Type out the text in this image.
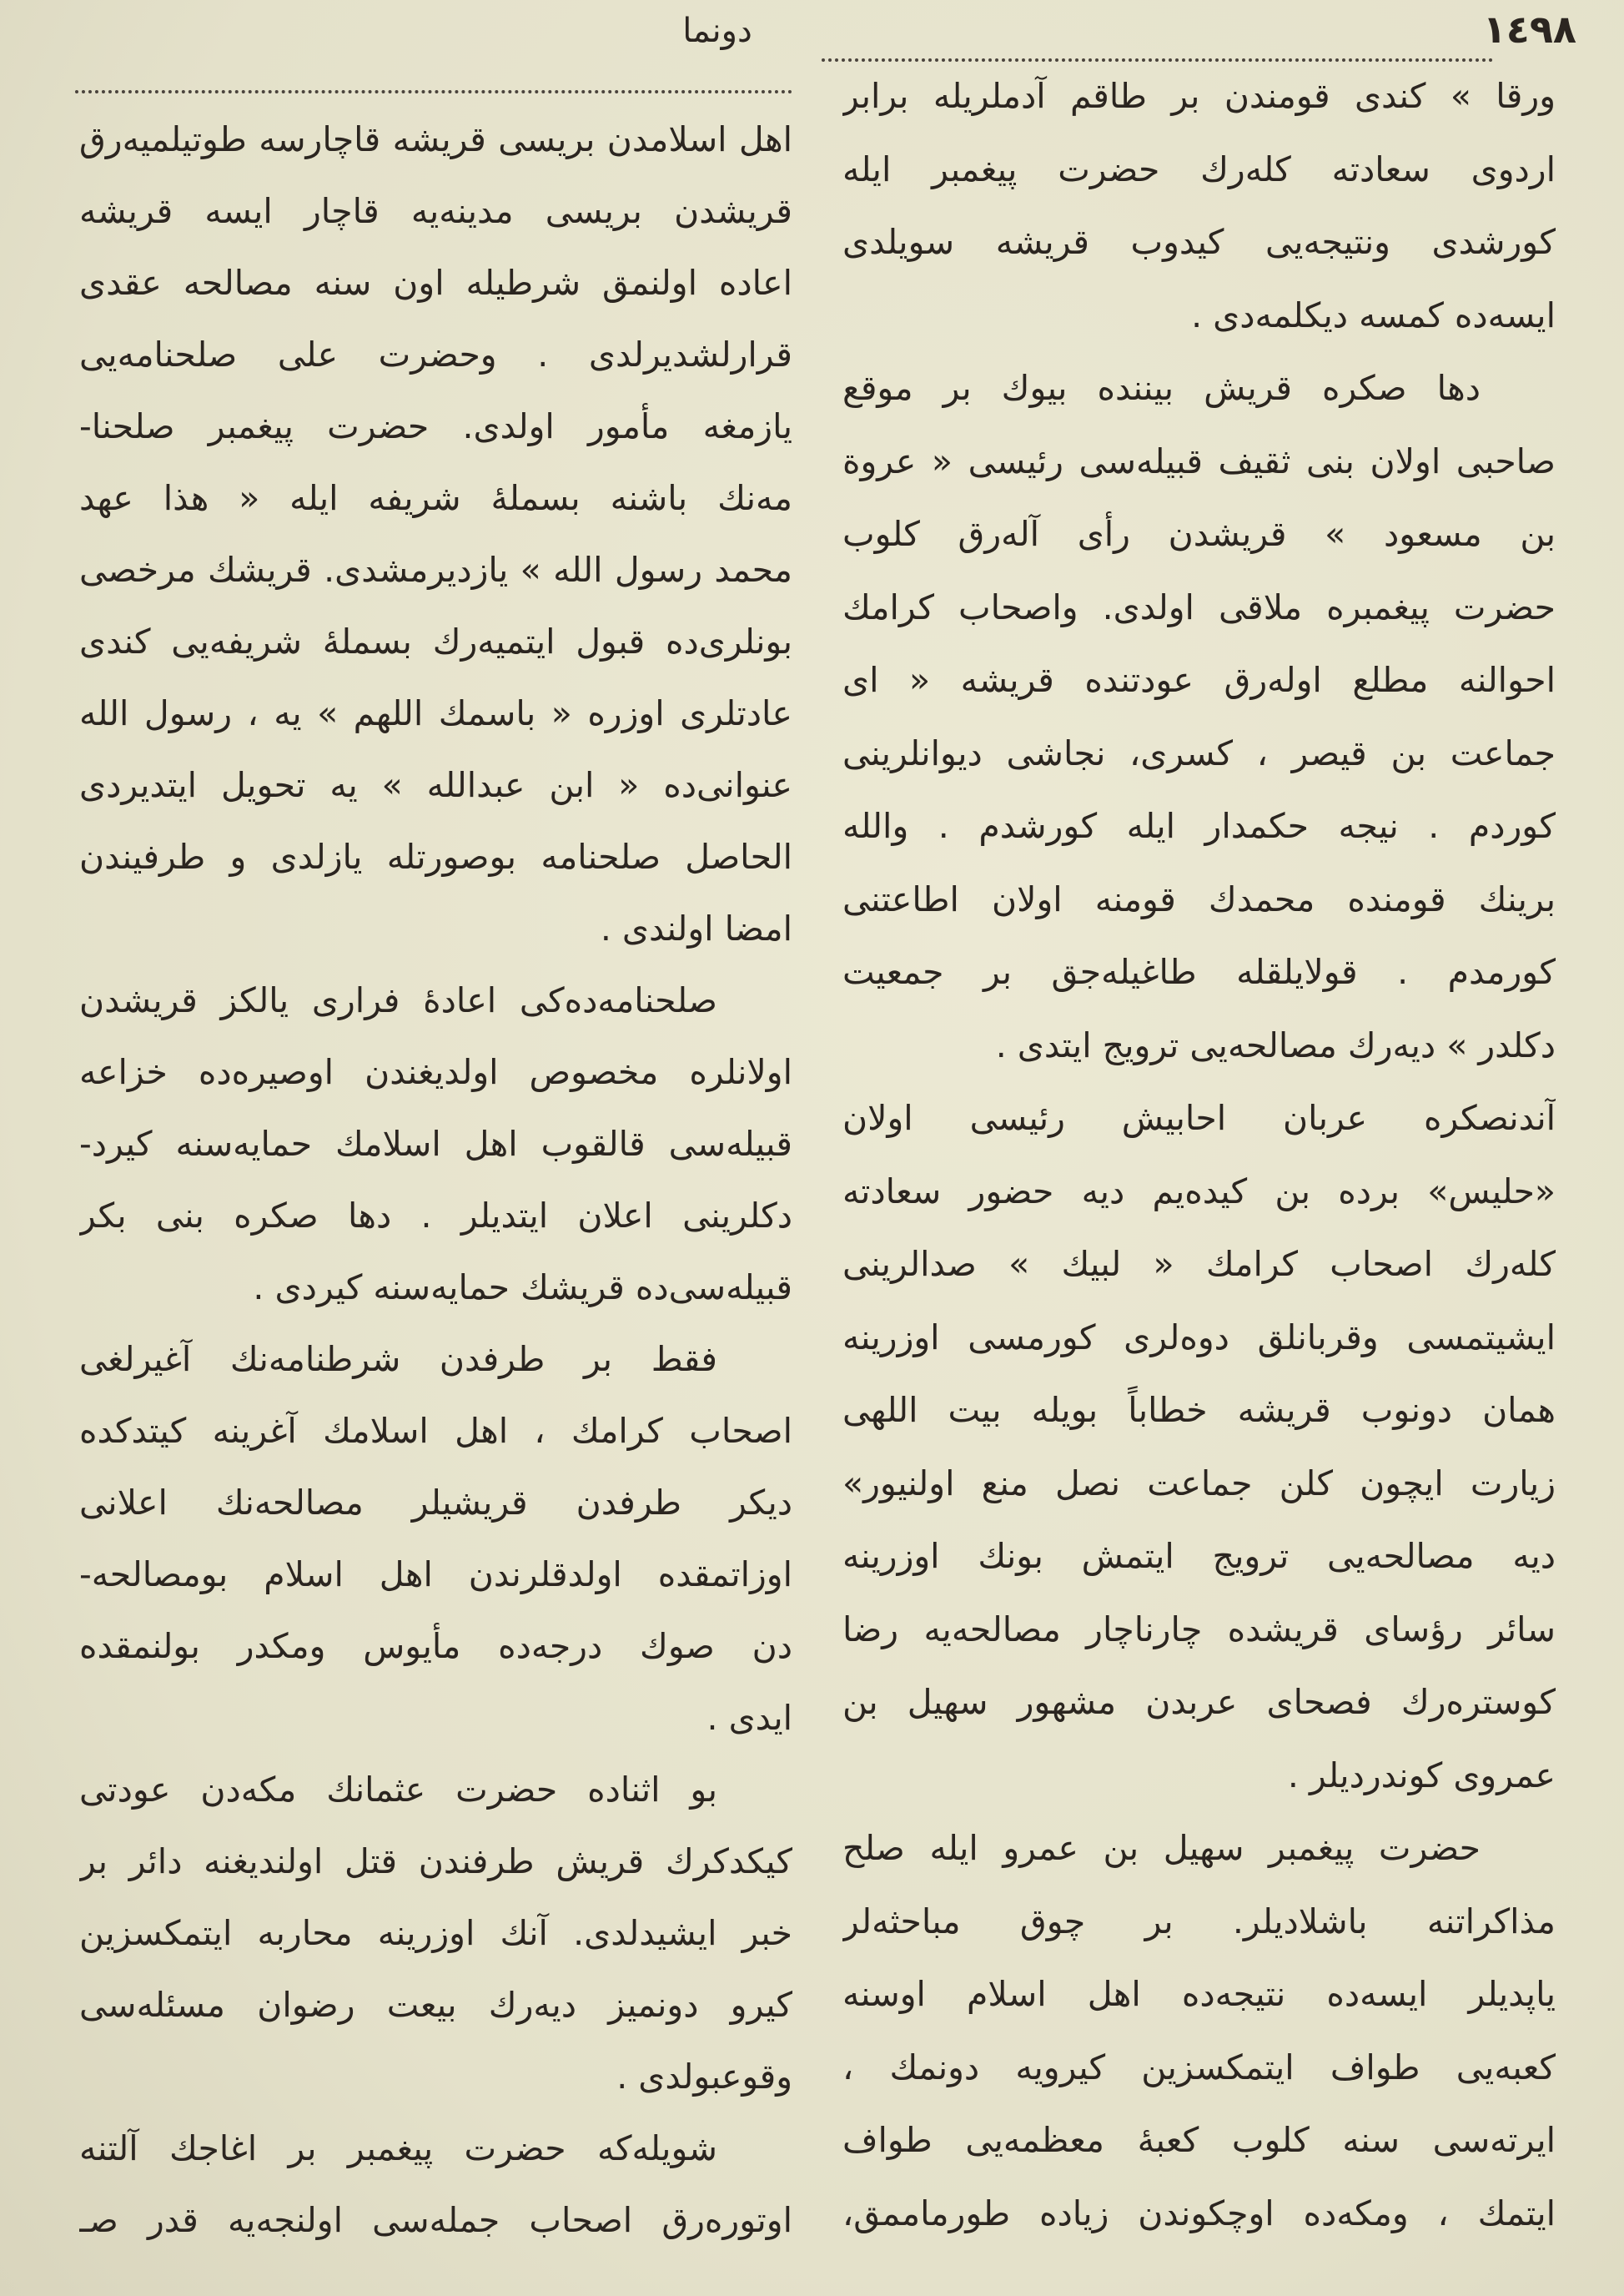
١٤٩٨
دونما
ورقا » كندى قومندن بر طاقم آدملريله برابر
اردوى سعادته كله‌رك حضرت پيغمبر ايله
كورشدى ونتيجه‌يى كيدوب قريشه سويلدى
ايسه‌ده كمسه ديكلمه‌دى .
دها صكره قريش بيننده بيوك بر موقع
صاحبى اولان بنى ثقيف قبيله‌سى رئيسى « عروة
بن مسعود » قريشدن رأى آله‌رق كلوب
حضرت پيغمبره ملاقى اولدى. واصحاب كرامك
احوالنه مطلع اوله‌رق عودتنده قريشه « اى
جماعت بن قيصر ، كسرى، نجاشى ديوانلرينى
كوردم . نيجه حكمدار ايله كورشدم . والله
برينك قومنده محمدك قومنه اولان اطاعتنى
كورمدم . قولايلقله طاغيله‌جق بر جمعيت
دكلدر » ديه‌رك مصالحه‌يى ترويج ايتدى .
آندنصكره عربان احابيش رئيسى اولان
«حليس» برده بن كيده‌يم ديه حضور سعادته
كله‌رك اصحاب كرامك « لبيك » صدالرينى
ايشيتمسى وقربانلق دوه‌لرى كورمسى اوزرينه
همان دونوب قريشه خطاباً بويله بيت اللهى
زيارت ايچون كلن جماعت نصل منع اولنيور»
ديه مصالحه‌يى ترويج ايتمش بونك اوزرينه
سائر رؤساى قريشده چارناچار مصالحه‌يه رضا
كوستره‌رك فصحاى عربدن مشهور سهيل بن
عمروى كوندرديلر .
حضرت پيغمبر سهيل بن عمرو ايله صلح
مذاكراتنه باشلاديلر. بر چوق مباحثه‌لر
ياپديلر ايسه‌ده نتيجه‌ده اهل اسلام اوسنه
كعبه‌يى طواف ايتمكسزين كيرويه دونمك ،
ايرته‌سى سنه كلوب كعبهٔ معظمه‌يى طواف
ايتمك ، ومكه‌ده اوچكوندن زياده طورماممق،
اهل اسلامدن بريسى قريشه قاچارسه طوتيلميه‌رق
قريشدن بريسى مدينه‌يه قاچار ايسه قريشه
اعاده اولنمق شرطيله اون سنه مصالحه عقدى
قرارلشديرلدى . وحضرت على صلحنامه‌يى
يازمغه مأمور اولدى. حضرت پيغمبر صلحنا-
مه‌نك باشنه بسملهٔ شريفه ايله « هذا عهد
محمد رسول الله » يازديرمشدى. قريشك مرخصى
بونلرى‌ده قبول ايتميه‌رك بسملهٔ شريفه‌يى كندى
عادتلرى اوزره « باسمك اللهم » يه ، رسول الله
عنوانى‌ده « ابن عبدالله » يه تحويل ايتديردى
الحاصل صلحنامه بوصورتله يازلدى و طرفيندن
امضا اولندى .
صلحنامه‌ده‌كى اعادهٔ فرارى يالكز قريشدن
اولانلره مخصوص اولديغندن اوصيره‌ده خزاعه
قبيله‌سى قالقوب اهل اسلامك حمايه‌سنه كيرد-
دكلرينى اعلان ايتديلر . دها صكره بنى بكر
قبيله‌سى‌ده قريشك حمايه‌سنه كيردى .
فقط بر طرفدن شرطنامه‌نك آغيرلغى
اصحاب كرامك ، اهل اسلامك آغرينه كيتدكده
ديكر طرفدن قريشيلر مصالحه‌نك اعلانى
اوزاتمقده اولدقلرندن اهل اسلام بومصالحه-
دن صوك درجه‌ده مأيوس ومكدر بولنمقده
ايدى .
بو اثناده حضرت عثمانك مكه‌دن عودتى
كيكدكرك قريش طرفندن قتل اولنديغنه دائر بر
خبر ايشيدلدى. آنك اوزرينه محاربه ايتمكسزين
كيرو دونميز ديه‌رك بيعت رضوان مسئله‌سى
وقوعبولدى .
شويله‌كه حضرت پيغمبر بر اغاجك آلتنه
اوتوره‌رق اصحاب جمله‌سى اولنجه‌يه قدر صـ
